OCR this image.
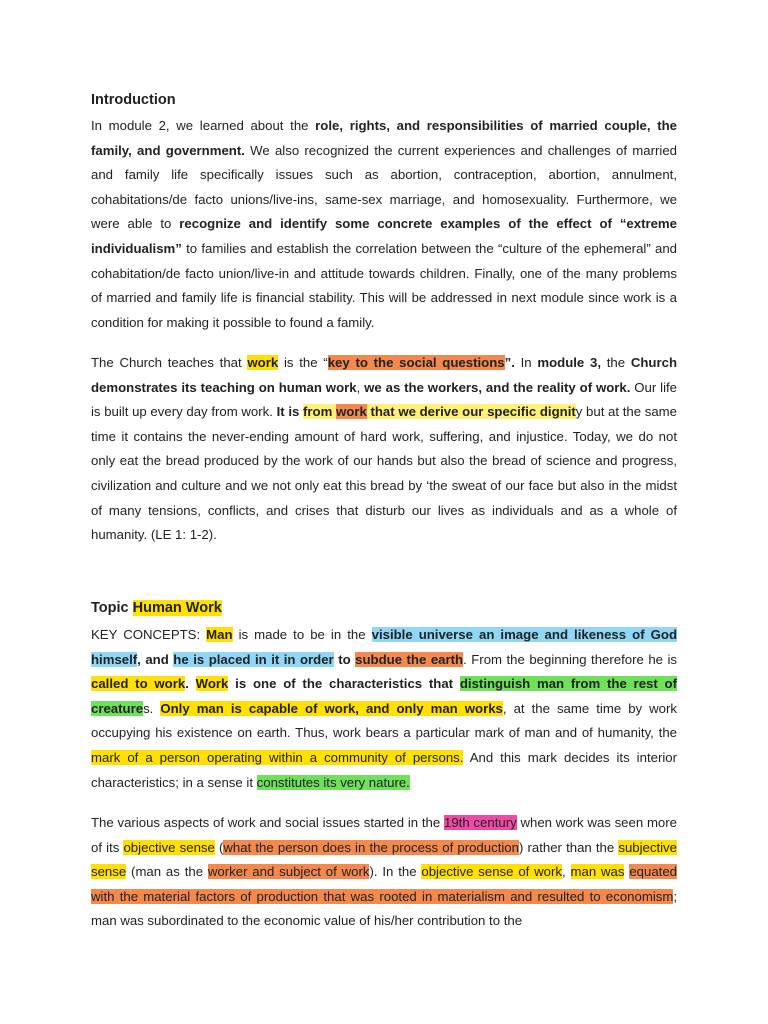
Introduction

In module 2, we learned about the role, rights, and responsibilities of married couple, the family, and government. We also recognized the current experiences and challenges of married and family life specifically issues such as abortion, contraception, abortion, annulment, cohabitations/de facto unions/live-ins, same-sex marriage, and homosexuality. Furthermore, we were able to recognize and identify some concrete examples of the effect of “extreme individualism” to families and establish the correlation between the “culture of the ephemeral” and cohabitation/de facto union/live-in and attitude towards children. Finally, one of the many problems of married and family life is financial stability. This will be addressed in next module since work is a condition for making it possible to found a family.

The Church teaches that work is the “key to the social questions”. In module 3, the Church demonstrates its teaching on human work, we as the workers, and the reality of work. Our life is built up every day from work. It is from work that we derive our specific dignity but at the same time it contains the never-ending amount of hard work, suffering, and injustice. Today, we do not only eat the bread produced by the work of our hands but also the bread of science and progress, civilization and culture and we not only eat this bread by ‘the sweat of our face but also in the midst of many tensions, conflicts, and crises that disturb our lives as individuals and as a whole of humanity. (LE 1: 1-2).

Topic Human Work

KEY CONCEPTS: Man is made to be in the visible universe an image and likeness of God himself, and he is placed in it in order to subdue the earth. From the beginning therefore he is called to work. Work is one of the characteristics that distinguish man from the rest of creatures. Only man is capable of work, and only man works, at the same time by work occupying his existence on earth. Thus, work bears a particular mark of man and of humanity, the mark of a person operating within a community of persons. And this mark decides its interior characteristics; in a sense it constitutes its very nature.

The various aspects of work and social issues started in the 19th century when work was seen more of its objective sense (what the person does in the process of production) rather than the subjective sense (man as the worker and subject of work). In the objective sense of work, man was equated with the material factors of production that was rooted in materialism and resulted to economism; man was subordinated to the economic value of his/her contribution to the
